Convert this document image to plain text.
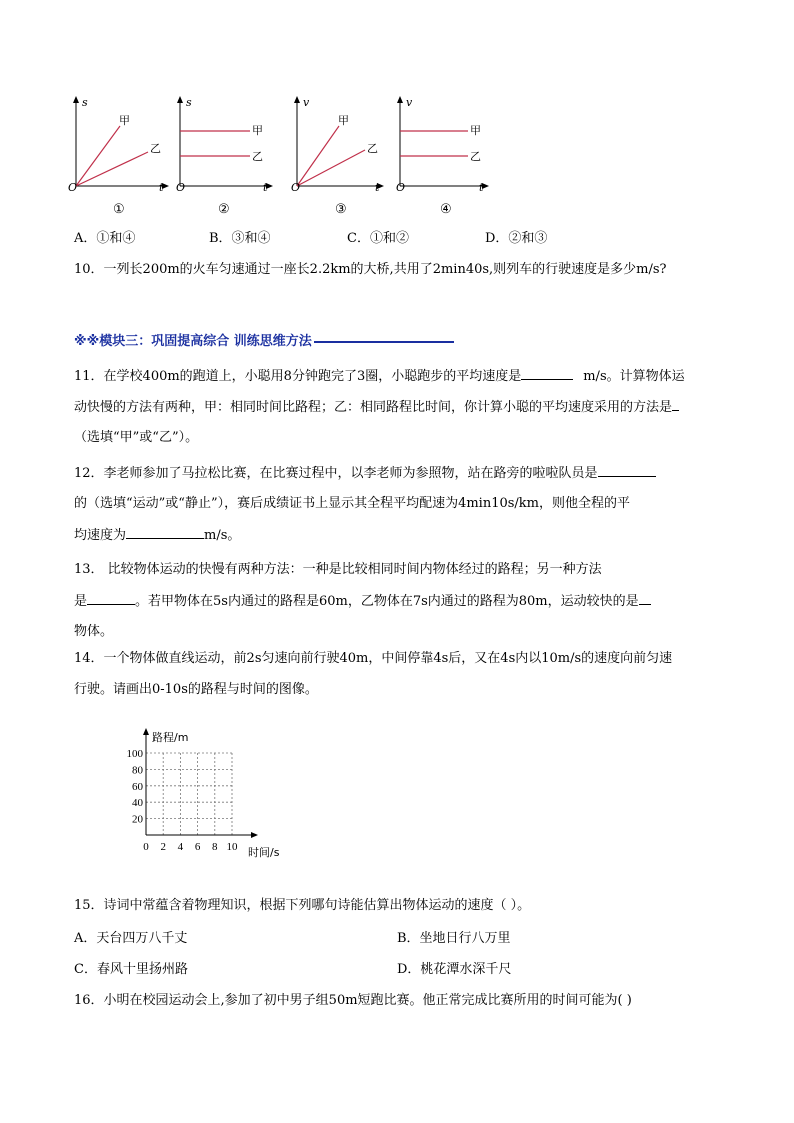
s
t
O
甲
乙
s
t
O
甲
乙
v
t
O
甲
乙
v
t
O
甲
乙
①	②	③	④
A．①和④	B．③和④	C．①和②	D．②和③
10．一列长200m的火车匀速通过一座长2.2km的大桥,共用了2min40s,则列车的行驶速度是多少m/s?
※※模块三：巩固提高综合 训练思维方法
11．在学校400m的跑道上，小聪用8分钟跑完了3圈，小聪跑步的平均速度是	m/s。计算物体运
动快慢的方法有两种，甲：相同时间比路程；乙：相同路程比时间，你计算小聪的平均速度采用的方法是
（选填“甲”或“乙”）。
12．李老师参加了马拉松比赛，在比赛过程中，以李老师为参照物，站在路旁的啦啦队员是
的（选填“运动”或“静止”），赛后成绩证书上显示其全程平均配速为4min10s/km，则他全程的平
均速度为	m/s。
13． 比较物体运动的快慢有两种方法：一种是比较相同时间内物体经过的路程；另一种方法
是	。若甲物体在5s内通过的路程是60m，乙物体在7s内通过的路程为80m，运动较快的是
物体。
14．一个物体做直线运动，前2s匀速向前行驶40m，中间停靠4s后，又在4s内以10m/s的速度向前匀速
行驶。请画出0-10s的路程与时间的图像。
路程/m
时间/s
20
40
60
80
100
0 2 4 6 8 10
15．诗词中常蕴含着物理知识，根据下列哪句诗能估算出物体运动的速度（ ）。
A．天台四万八千丈	B．坐地日行八万里
C．春风十里扬州路	D．桃花潭水深千尺
16．小明在校园运动会上,参加了初中男子组50m短跑比赛。他正常完成比赛所用的时间可能为( )
